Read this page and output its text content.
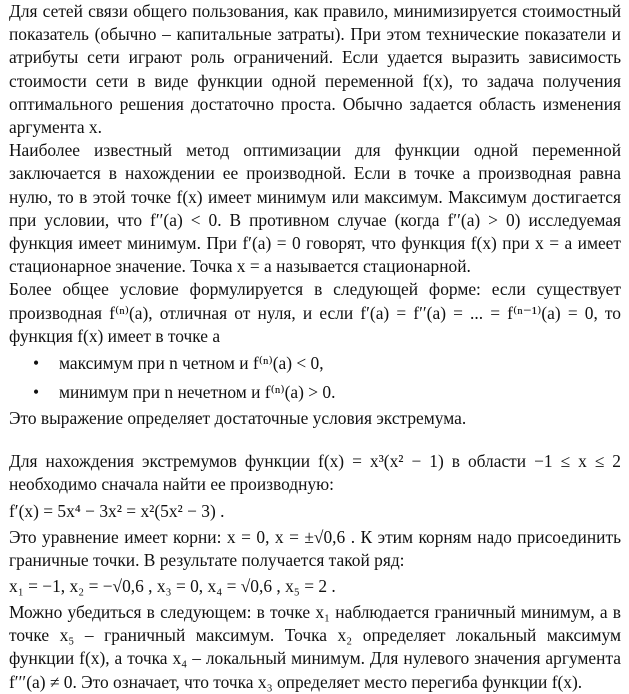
Для сетей связи общего пользования, как правило, минимизируется стоимостный показатель (обычно – капитальные затраты). При этом технические показатели и атрибуты сети играют роль ограничений. Если удается выразить зависимость стоимости сети в виде функции одной переменной f(x), то задача получения оптимального решения достаточно проста. Обычно задается область изменения аргумента x.

Наиболее известный метод оптимизации для функции одной переменной заключается в нахождении ее производной. Если в точке a производная равна нулю, то в этой точке f(x) имеет минимум или максимум. Максимум достигается при условии, что f′′(a) < 0. В противном случае (когда f′′(a) > 0) исследуемая функция имеет минимум. При f′(a) = 0 говорят, что функция f(x) при x = a имеет стационарное значение. Точка x = a называется стационарной.

Более общее условие формулируется в следующей форме: если существует производная f⁽ⁿ⁾(a), отличная от нуля, и если f′(a) = f′′(a) = ... = f⁽ⁿ⁻¹⁾(a) = 0, то функция f(x) имеет в точке a

• максимум при n четном и f⁽ⁿ⁾(a) < 0,
• минимум при n нечетном и f⁽ⁿ⁾(a) > 0.

Это выражение определяет достаточные условия экстремума.

Для нахождения экстремумов функции f(x) = x³(x² − 1) в области −1 ≤ x ≤ 2 необходимо сначала найти ее производную:

f′(x) = 5x⁴ − 3x² = x²(5x² − 3) .

Это уравнение имеет корни: x = 0, x = ±√0,6 . К этим корням надо присоединить граничные точки. В результате получается такой ряд:

x₁ = −1, x₂ = −√0,6 , x₃ = 0, x₄ = √0,6 , x₅ = 2 .

Можно убедиться в следующем: в точке x₁ наблюдается граничный минимум, а в точке x₅ – граничный максимум. Точка x₂ определяет локальный максимум функции f(x), а точка x₄ – локальный минимум. Для нулевого значения аргумента f′′′(a) ≠ 0. Это означает, что точка x₃ определяет место перегиба функции f(x).
